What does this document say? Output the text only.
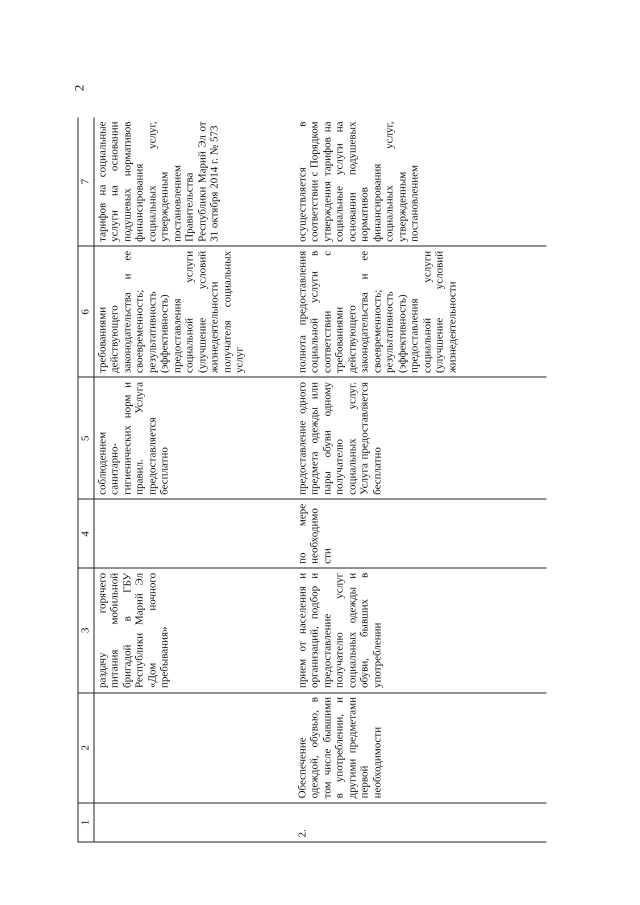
2
1	2	3	4	5	6	7
		раздачу горячего питания мобильной бригадой в ГБУ Республики Марий Эл «Дом ночного пребывания»		соблюдением санитарно-гигиенических норм и правил. Услуга предоставляется бесплатно	требованиями действующего законодательства и ее своевременность; результативность (эффективность) предоставления социальной услуги (улучшение условий жизнедеятельности получателя социальных услуг	тарифов на социальные услуги на основании подушевых нормативов финансирования социальных услуг, утвержденным постановлением Правительства Республики Марий Эл от 31 октября 2014 г. № 573
2.	Обеспечение одеждой, обувью, в том числе бывшими в употреблении, и другими предметами первой необходимости	прием от населения и организаций, подбор и предоставление получателю услуг социальных одежды и обуви, бывших в употреблении	по мере необходимости	предоставление одного предмета одежды или пары обуви одному получателю социальных услуг. Услуга предоставляется бесплатно	полнота предоставления социальной услуги в соответствии с требованиями действующего законодательства и ее своевременность; результативность (эффективность) предоставления социальной услуги (улучшение условий жизнедеятельности	осуществляется в соответствии с Порядком утверждения тарифов на социальные услуги на основании подушевых нормативов финансирования социальных услуг, утвержденным постановлением
